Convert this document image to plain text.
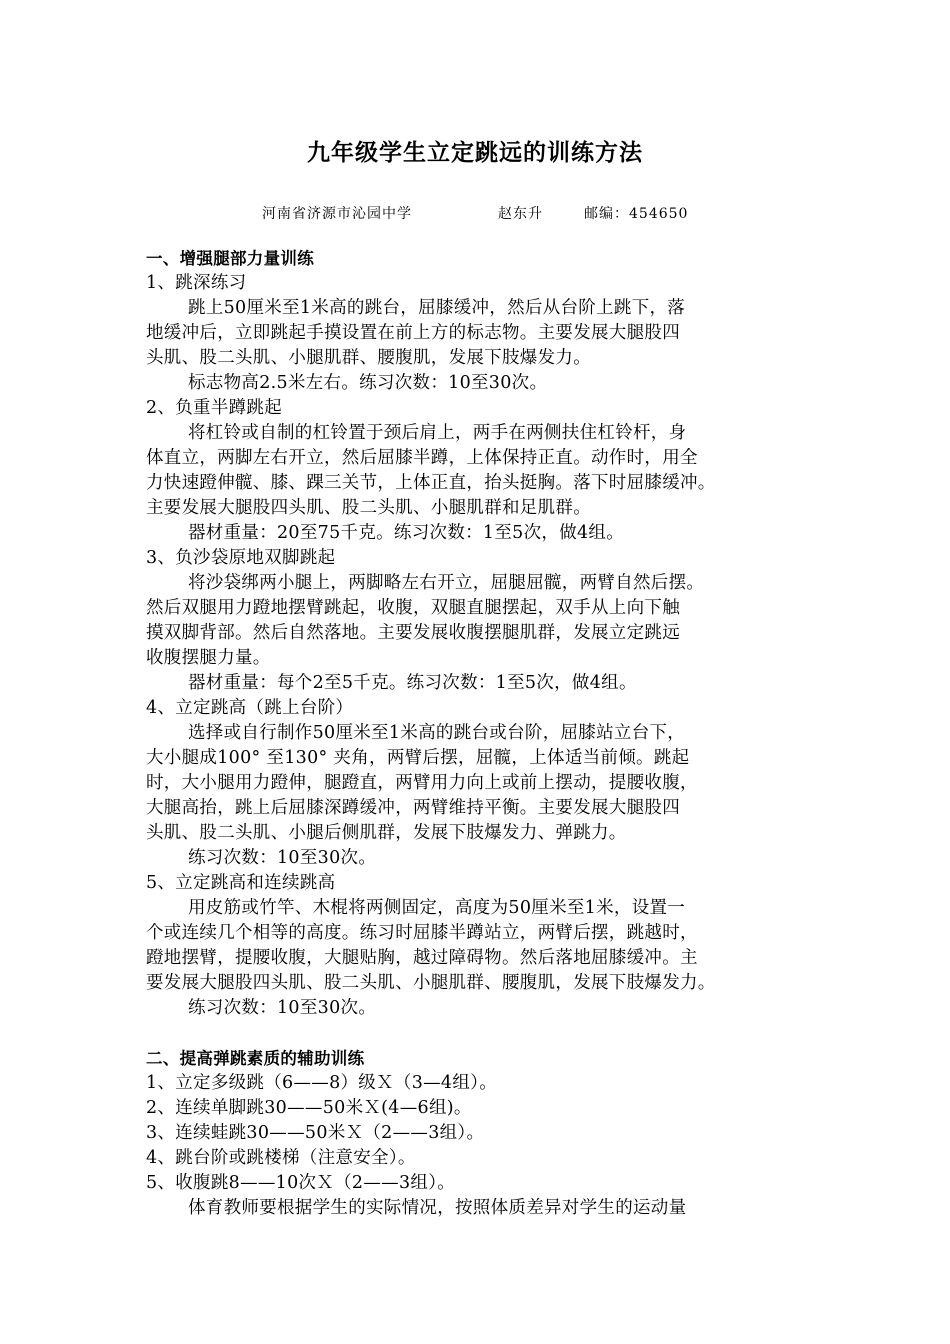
九年级学生立定跳远的训练方法
河南省济源市沁园中学	赵东升	邮编：454650
一、增强腿部力量训练
1、跳深练习
跳上50厘米至1米高的跳台，屈膝缓冲，然后从台阶上跳下，落
地缓冲后，立即跳起手摸设置在前上方的标志物。主要发展大腿股四
头肌、股二头肌、小腿肌群、腰腹肌，发展下肢爆发力。
标志物高2.5米左右。练习次数：10至30次。
2、负重半蹲跳起
将杠铃或自制的杠铃置于颈后肩上，两手在两侧扶住杠铃杆，身
体直立，两脚左右开立，然后屈膝半蹲，上体保持正直。动作时，用全
力快速蹬伸髋、膝、踝三关节，上体正直，抬头挺胸。落下时屈膝缓冲。
主要发展大腿股四头肌、股二头肌、小腿肌群和足肌群。
器材重量：20至75千克。练习次数：1至5次，做4组。
3、负沙袋原地双脚跳起
将沙袋绑两小腿上，两脚略左右开立，屈腿屈髋，两臂自然后摆。
然后双腿用力蹬地摆臂跳起，收腹，双腿直腿摆起，双手从上向下触
摸双脚背部。然后自然落地。主要发展收腹摆腿肌群，发展立定跳远
收腹摆腿力量。
器材重量：每个2至5千克。练习次数：1至5次，做4组。
4、立定跳高（跳上台阶）
选择或自行制作50厘米至1米高的跳台或台阶，屈膝站立台下，
大小腿成100° 至130° 夹角，两臂后摆，屈髋，上体适当前倾。跳起
时，大小腿用力蹬伸，腿蹬直，两臂用力向上或前上摆动，提腰收腹，
大腿高抬，跳上后屈膝深蹲缓冲，两臂维持平衡。主要发展大腿股四
头肌、股二头肌、小腿后侧肌群，发展下肢爆发力、弹跳力。
练习次数：10至30次。
5、立定跳高和连续跳高
用皮筋或竹竿、木棍将两侧固定，高度为50厘米至1米，设置一
个或连续几个相等的高度。练习时屈膝半蹲站立，两臂后摆，跳越时，
蹬地摆臂，提腰收腹，大腿贴胸，越过障碍物。然后落地屈膝缓冲。主
要发展大腿股四头肌、股二头肌、小腿肌群、腰腹肌，发展下肢爆发力。
练习次数：10至30次。
二、提高弹跳素质的辅助训练
1、立定多级跳（6——8）级Ｘ（3—4组）。
2、连续单脚跳30——50米Ｘ(4—6组)。
3、连续蛙跳30——50米Ｘ（2——3组）。
4、跳台阶或跳楼梯（注意安全）。
5、收腹跳8——10次Ｘ（2——3组）。
体育教师要根据学生的实际情况，按照体质差异对学生的运动量
